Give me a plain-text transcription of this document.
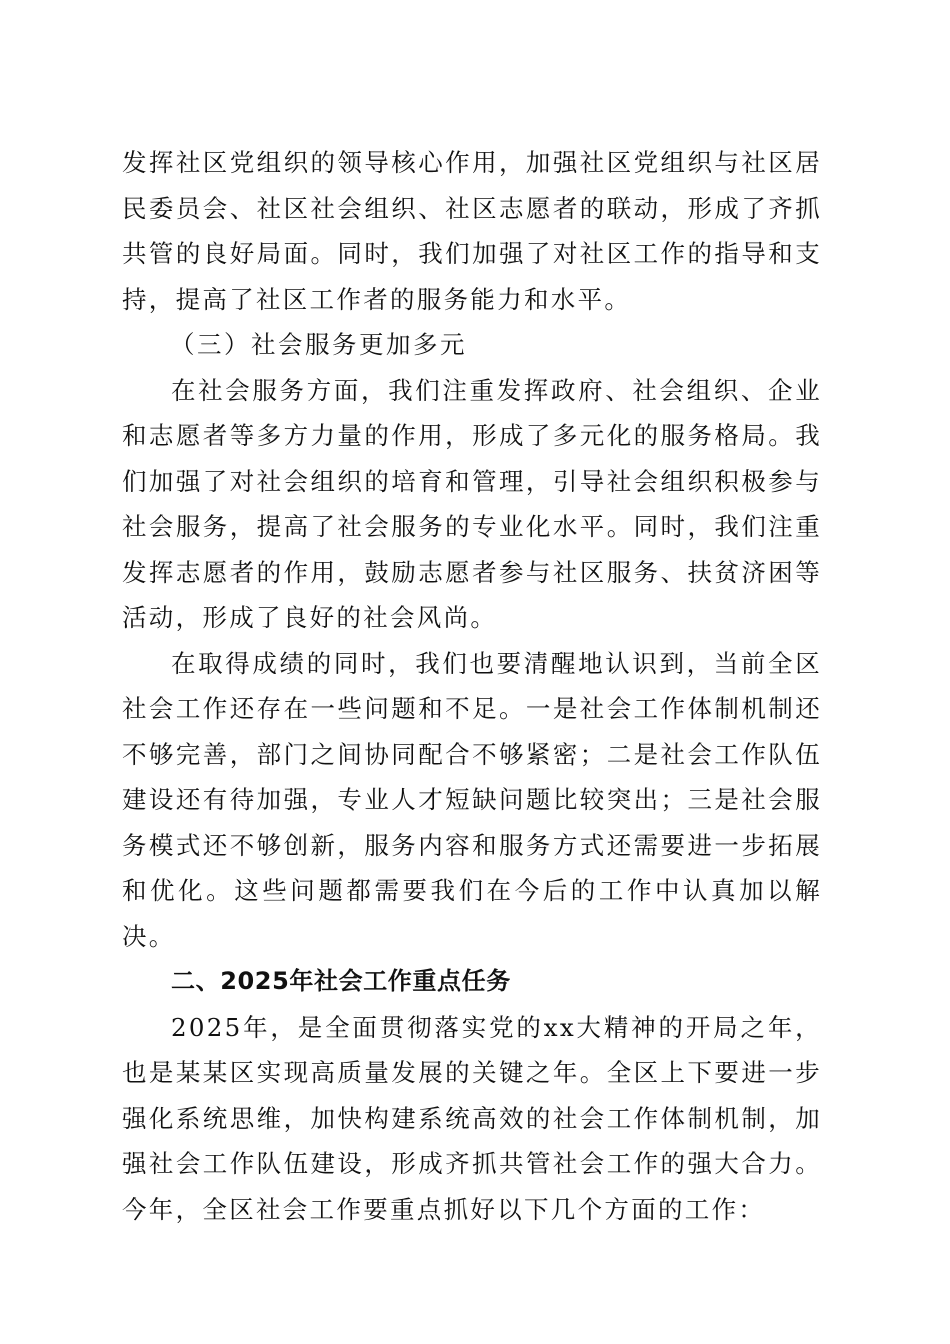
发挥社区党组织的领导核心作用，加强社区党组织与社区居民委员会、社区社会组织、社区志愿者的联动，形成了齐抓共管的良好局面。同时，我们加强了对社区工作的指导和支持，提高了社区工作者的服务能力和水平。

（三）社会服务更加多元

在社会服务方面，我们注重发挥政府、社会组织、企业和志愿者等多方力量的作用，形成了多元化的服务格局。我们加强了对社会组织的培育和管理，引导社会组织积极参与社会服务，提高了社会服务的专业化水平。同时，我们注重发挥志愿者的作用，鼓励志愿者参与社区服务、扶贫济困等活动，形成了良好的社会风尚。

在取得成绩的同时，我们也要清醒地认识到，当前全区社会工作还存在一些问题和不足。一是社会工作体制机制还不够完善，部门之间协同配合不够紧密；二是社会工作队伍建设还有待加强，专业人才短缺问题比较突出；三是社会服务模式还不够创新，服务内容和服务方式还需要进一步拓展和优化。这些问题都需要我们在今后的工作中认真加以解决。

二、2025年社会工作重点任务

2025年，是全面贯彻落实党的xx大精神的开局之年，也是某某区实现高质量发展的关键之年。全区上下要进一步强化系统思维，加快构建系统高效的社会工作体制机制，加强社会工作队伍建设，形成齐抓共管社会工作的强大合力。今年，全区社会工作要重点抓好以下几个方面的工作：
